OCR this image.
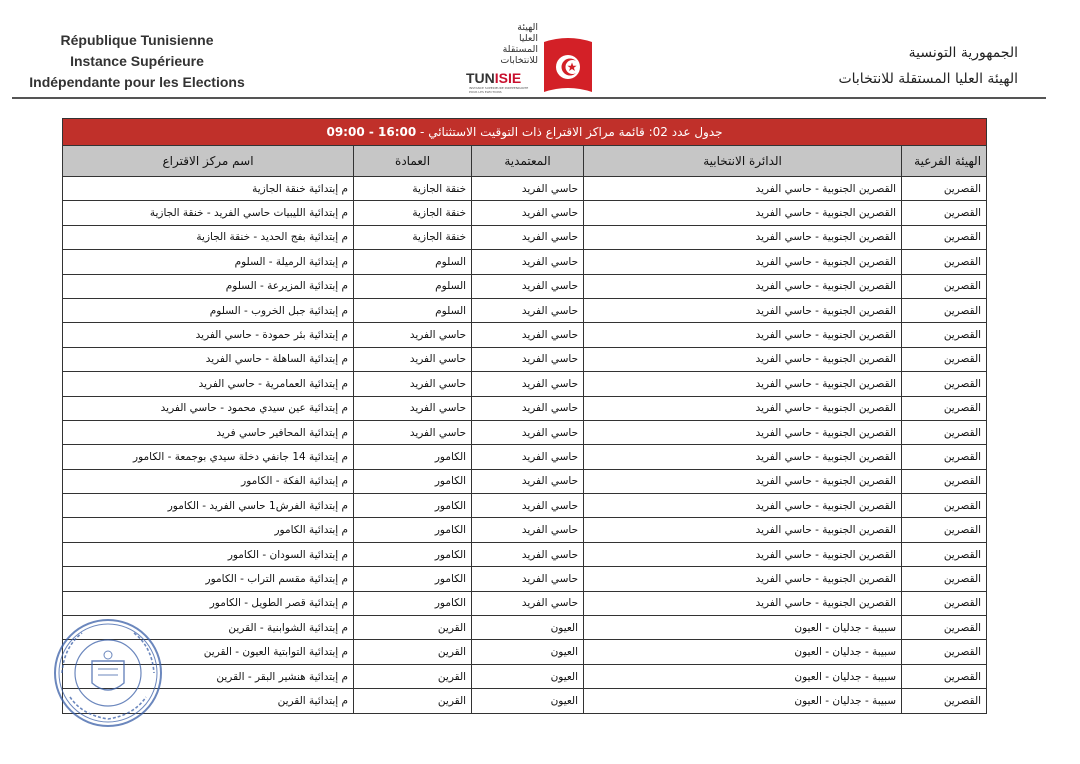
République Tunisienne
Instance Supérieure
Indépendante pour les Elections
الهيئة
العليا
المستقلة
للانتخابات
TUNISIE
INSTANCE SUPERIEURE INDEPENDANTE POUR LES ELECTIONS
الجمهورية التونسية
الهيئة العليا المستقلة للانتخابات
جدول عدد 02: قائمة مراكز الاقتراع ذات التوقيت الاستثنائي - 09:00 - 16:00				
الهيئة الفرعية	الدائرة الانتخابية	المعتمدية	العمادة	اسم مركز الاقتراع
القصرين	القصرين الجنوبية - حاسي الفريد	حاسي الفريد	خنقة الجازية	م إبتدائية خنقة الجازية
القصرين	القصرين الجنوبية - حاسي الفريد	حاسي الفريد	خنقة الجازية	م إبتدائية الليبيات حاسي الفريد - خنقة الجازية
القصرين	القصرين الجنوبية - حاسي الفريد	حاسي الفريد	خنقة الجازية	م إبتدائية بفج الحديد - خنقة الجازية
القصرين	القصرين الجنوبية - حاسي الفريد	حاسي الفريد	السلوم	م إبتدائية الرميلة - السلوم
القصرين	القصرين الجنوبية - حاسي الفريد	حاسي الفريد	السلوم	م إبتدائية المزيرعة - السلوم
القصرين	القصرين الجنوبية - حاسي الفريد	حاسي الفريد	السلوم	م إبتدائية جبل الخروب - السلوم
القصرين	القصرين الجنوبية - حاسي الفريد	حاسي الفريد	حاسي الفريد	م إبتدائية بئر حمودة - حاسي الفريد
القصرين	القصرين الجنوبية - حاسي الفريد	حاسي الفريد	حاسي الفريد	م إبتدائية الساهلة - حاسي الفريد
القصرين	القصرين الجنوبية - حاسي الفريد	حاسي الفريد	حاسي الفريد	م إبتدائية العمامرية - حاسي الفريد
القصرين	القصرين الجنوبية - حاسي الفريد	حاسي الفريد	حاسي الفريد	م إبتدائية عين سيدي محمود - حاسي الفريد
القصرين	القصرين الجنوبية - حاسي الفريد	حاسي الفريد	حاسي الفريد	م إبتدائية المحافير حاسي فريد
القصرين	القصرين الجنوبية - حاسي الفريد	حاسي الفريد	الكامور	م إبتدائية 14 جانفي دخلة سيدي بوجمعة - الكامور
القصرين	القصرين الجنوبية - حاسي الفريد	حاسي الفريد	الكامور	م إبتدائية الفكة - الكامور
القصرين	القصرين الجنوبية - حاسي الفريد	حاسي الفريد	الكامور	م إبتدائية الفرش1 حاسي الفريد - الكامور
القصرين	القصرين الجنوبية - حاسي الفريد	حاسي الفريد	الكامور	م إبتدائية الكامور
القصرين	القصرين الجنوبية - حاسي الفريد	حاسي الفريد	الكامور	م إبتدائية السودان - الكامور
القصرين	القصرين الجنوبية - حاسي الفريد	حاسي الفريد	الكامور	م إبتدائية مقسم التراب - الكامور
القصرين	القصرين الجنوبية - حاسي الفريد	حاسي الفريد	الكامور	م إبتدائية قصر الطويل - الكامور
القصرين	سبيبة - جدليان - العيون	العيون	القرين	م إبتدائية الشوابنية - القرين
القصرين	سبيبة - جدليان - العيون	العيون	القرين	م إبتدائية التوابتية العيون - القرين
القصرين	سبيبة - جدليان - العيون	العيون	القرين	م إبتدائية هنشير البقر - القرين
القصرين	سبيبة - جدليان - العيون	العيون	القرين	م إبتدائية القرين
